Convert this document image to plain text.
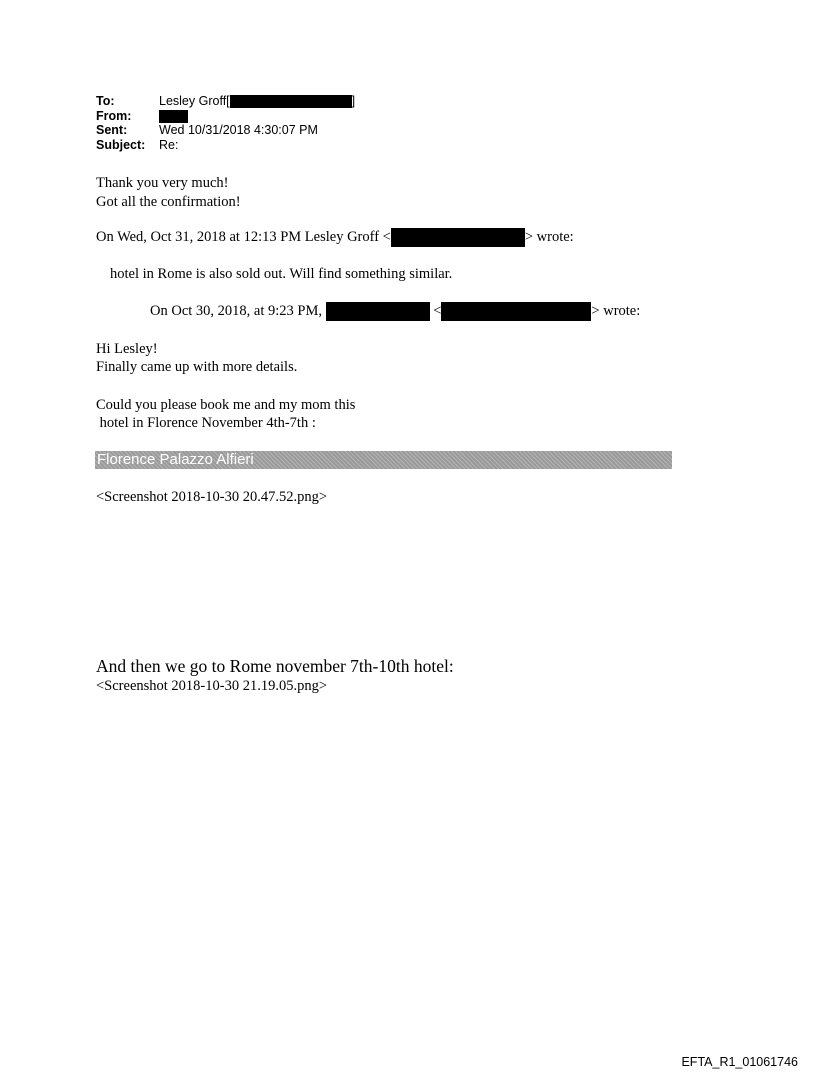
To:	Lesley Groff[	]
From:
Sent:	Wed 10/31/2018 4:30:07 PM
Subject:	Re:
Thank you very much!
Got all the confirmation!
On Wed, Oct 31, 2018 at 12:13 PM Lesley Groff <	> wrote:
hotel in Rome is also sold out. Will find something similar.
On Oct 30, 2018, at 9:23 PM,	<	> wrote:
Hi Lesley!
Finally came up with more details.
Could you please book me and my mom this
hotel in Florence November 4th-7th :
Florence Palazzo Alfieri
<Screenshot 2018-10-30 20.47.52.png>
And then we go to Rome november 7th-10th hotel:
<Screenshot 2018-10-30 21.19.05.png>
EFTA_R1_01061746
